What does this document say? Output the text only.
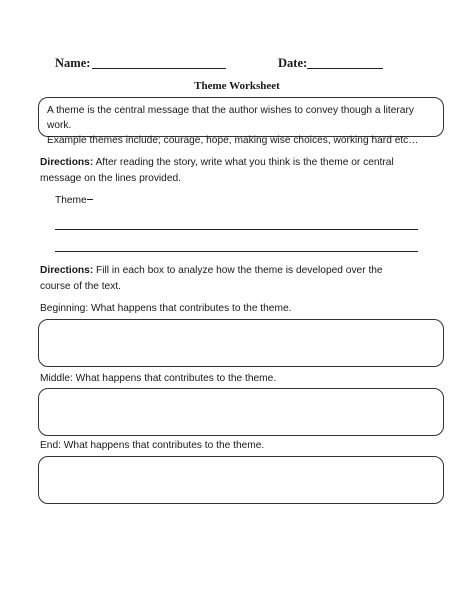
Name:	Date:
Theme Worksheet
A theme is the central message that the author wishes to convey though a literary work.
Example themes include; courage, hope, making wise choices, working hard etc…
Directions: After reading the story, write what you think is the theme or central
message on the lines provided.
Theme
Directions: Fill in each box to analyze how the theme is developed over the
course of the text.
Beginning: What happens that contributes to the theme.
Middle: What happens that contributes to the theme.
End: What happens that contributes to the theme.
